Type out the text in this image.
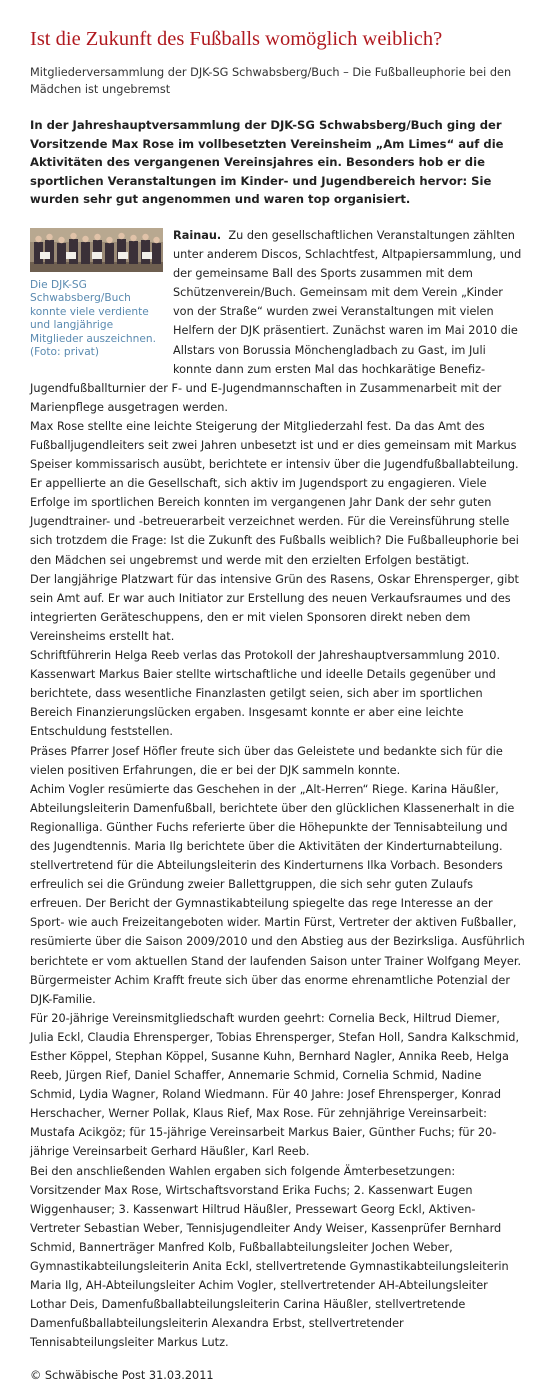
Ist die Zukunft des Fußballs womöglich weiblich?

Mitgliederversammlung der DJK-SG Schwabsberg/Buch – Die Fußballeuphorie bei den Mädchen ist ungebremst

In der Jahreshauptversammlung der DJK-SG Schwabsberg/Buch ging der Vorsitzende Max Rose im vollbesetzten Vereinsheim „Am Limes“ auf die Aktivitäten des vergangenen Vereinsjahres ein. Besonders hob er die sportlichen Veranstaltungen im Kinder- und Jugendbereich hervor: Sie wurden sehr gut angenommen und waren top organisiert.

Die DJK-SG Schwabsberg/Buch konnte viele verdiente und langjährige Mitglieder auszeichnen. (Foto: privat)

Rainau. Zu den gesellschaftlichen Veranstaltungen zählten unter anderem Discos, Schlachtfest, Altpapiersammlung, und der gemeinsame Ball des Sports zusammen mit dem Schützenverein/Buch. Gemeinsam mit dem Verein „Kinder von der Straße“ wurden zwei Veranstaltungen mit vielen Helfern der DJK präsentiert. Zunächst waren im Mai 2010 die Allstars von Borussia Mönchengladbach zu Gast, im Juli konnte dann zum ersten Mal das hochkarätige Benefiz-Jugendfußballturnier der F- und E-Jugendmannschaften in Zusammenarbeit mit der Marienpflege ausgetragen werden.

Max Rose stellte eine leichte Steigerung der Mitgliederzahl fest. Da das Amt des Fußballjugendleiters seit zwei Jahren unbesetzt ist und er dies gemeinsam mit Markus Speiser kommissarisch ausübt, berichtete er intensiv über die Jugendfußballabteilung. Er appellierte an die Gesellschaft, sich aktiv im Jugendsport zu engagieren. Viele Erfolge im sportlichen Bereich konnten im vergangenen Jahr Dank der sehr guten Jugendtrainer- und -betreuerarbeit verzeichnet werden. Für die Vereinsführung stelle sich trotzdem die Frage: Ist die Zukunft des Fußballs weiblich? Die Fußballeuphorie bei den Mädchen sei ungebremst und werde mit den erzielten Erfolgen bestätigt.

Der langjährige Platzwart für das intensive Grün des Rasens, Oskar Ehrensperger, gibt sein Amt auf. Er war auch Initiator zur Erstellung des neuen Verkaufsraumes und des integrierten Geräteschuppens, den er mit vielen Sponsoren direkt neben dem Vereinsheims erstellt hat.

Schriftführerin Helga Reeb verlas das Protokoll der Jahreshauptversammlung 2010. Kassenwart Markus Baier stellte wirtschaftliche und ideelle Details gegenüber und berichtete, dass wesentliche Finanzlasten getilgt seien, sich aber im sportlichen Bereich Finanzierungslücken ergaben. Insgesamt konnte er aber eine leichte Entschuldung feststellen.

Präses Pfarrer Josef Höfler freute sich über das Geleistete und bedankte sich für die vielen positiven Erfahrungen, die er bei der DJK sammeln konnte.

Achim Vogler resümierte das Geschehen in der „Alt-Herren“ Riege. Karina Häußler, Abteilungsleiterin Damenfußball, berichtete über den glücklichen Klassenerhalt in die Regionalliga. Günther Fuchs referierte über die Höhepunkte der Tennisabteilung und des Jugendtennis. Maria Ilg berichtete über die Aktivitäten der Kinderturnabteilung. stellvertretend für die Abteilungsleiterin des Kinderturnens Ilka Vorbach. Besonders erfreulich sei die Gründung zweier Ballettgruppen, die sich sehr guten Zulaufs erfreuen. Der Bericht der Gymnastikabteilung spiegelte das rege Interesse an der Sport- wie auch Freizeitangeboten wider. Martin Fürst, Vertreter der aktiven Fußballer, resümierte über die Saison 2009/2010 und den Abstieg aus der Bezirksliga. Ausführlich berichtete er vom aktuellen Stand der laufenden Saison unter Trainer Wolfgang Meyer.

Bürgermeister Achim Krafft freute sich über das enorme ehrenamtliche Potenzial der DJK-Familie.

Für 20-jährige Vereinsmitgliedschaft wurden geehrt: Cornelia Beck, Hiltrud Diemer, Julia Eckl, Claudia Ehrensperger, Tobias Ehrensperger, Stefan Holl, Sandra Kalkschmid, Esther Köppel, Stephan Köppel, Susanne Kuhn, Bernhard Nagler, Annika Reeb, Helga Reeb, Jürgen Rief, Daniel Schaffer, Annemarie Schmid, Cornelia Schmid, Nadine Schmid, Lydia Wagner, Roland Wiedmann. Für 40 Jahre: Josef Ehrensperger, Konrad Herschacher, Werner Pollak, Klaus Rief, Max Rose. Für zehnjährige Vereinsarbeit: Mustafa Acikgöz; für 15-jährige Vereinsarbeit Markus Baier, Günther Fuchs; für 20-jährige Vereinsarbeit Gerhard Häußler, Karl Reeb.

Bei den anschließenden Wahlen ergaben sich folgende Ämterbesetzungen: Vorsitzender Max Rose, Wirtschaftsvorstand Erika Fuchs; 2. Kassenwart Eugen Wiggenhauser; 3. Kassenwart Hiltrud Häußler, Pressewart Georg Eckl, Aktiven- Vertreter Sebastian Weber, Tennisjugendleiter Andy Weiser, Kassenprüfer Bernhard Schmid, Bannerträger Manfred Kolb, Fußballabteilungsleiter Jochen Weber, Gymnastikabteilungsleiterin Anita Eckl, stellvertretende Gymnastikabteilungsleiterin Maria Ilg, AH-Abteilungsleiter Achim Vogler, stellvertretender AH-Abteilungsleiter Lothar Deis, Damenfußballabteilungsleiterin Carina Häußler, stellvertretende Damenfußballabteilungsleiterin Alexandra Erbst, stellvertretender Tennisabteilungsleiter Markus Lutz.

© Schwäbische Post 31.03.2011
